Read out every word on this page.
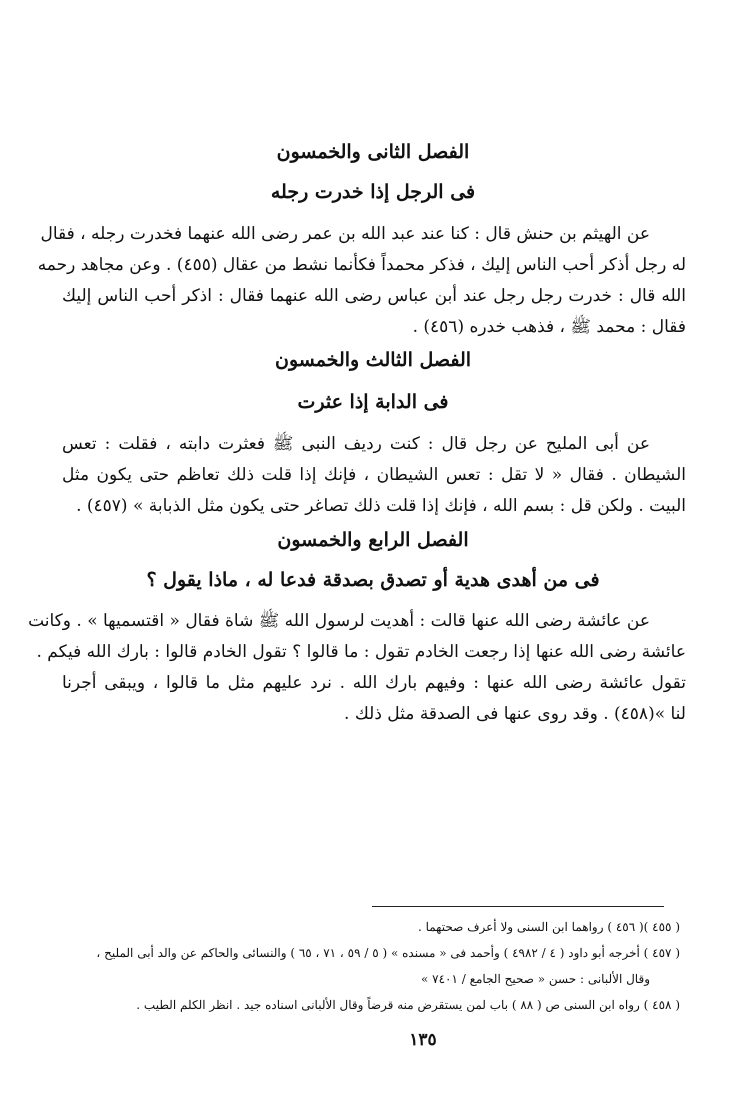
الفصل الثانى والخمسون
فى الرجل إذا خدرت رجله
عن الهيثم بن حنش قال : كنا عند عبد الله بن عمر رضى الله عنهما فخدرت رجله ، فقال
له رجل أذكر أحب الناس إليك ، فذكر محمداً فكأنما نشط من عقال (٤٥٥) . وعن مجاهد رحمه
الله قال : خدرت رجل رجل عند أبن عباس رضى الله عنهما فقال : اذكر أحب الناس إليك
فقال : محمد ﷺ ، فذهب خدره (٤٥٦) .
الفصل الثالث والخمسون
فى الدابة إذا عثرت
عن أبى المليح عن رجل قال : كنت رديف النبى ﷺ فعثرت دابته ، فقلت : تعس
الشيطان . فقال « لا تقل : تعس الشيطان ، فإنك إذا قلت ذلك تعاظم حتى يكون مثل
البيت . ولكن قل : بسم الله ، فإنك إذا قلت ذلك تصاغر حتى يكون مثل الذبابة » (٤٥٧) .
الفصل الرابع والخمسون
فى من أهدى هدية أو تصدق بصدقة فدعا له ، ماذا يقول ؟
عن عائشة رضى الله عنها قالت : أهديت لرسول الله ﷺ شاة فقال « اقتسميها » . وكانت
عائشة رضى الله عنها إذا رجعت الخادم تقول : ما قالوا ؟ تقول الخادم قالوا : بارك الله فيكم .
تقول عائشة رضى الله عنها : وفيهم بارك الله . نرد عليهم مثل ما قالوا ، ويبقى أجرنا
لنا »(٤٥٨) . وقد روى عنها فى الصدقة مثل ذلك .
( ٤٥٥ )( ٤٥٦ ) رواهما ابن السنى ولا أعرف صحتهما .
( ٤٥٧ ) أخرجه أبو داود ( ٤ / ٤٩٨٢ ) وأحمد فى « مسنده » ( ٥ / ٥٩ ، ٧١ ، ٦٥ ) والنسائى والحاكم عن والد أبى المليح ،
وقال الألبانى : حسن « صحيح الجامع / ٧٤٠١ »
( ٤٥٨ ) رواه ابن السنى ص ( ٨٨ ) باب لمن يستقرض منه قرضاً وقال الألبانى اسناده جيد . انظر الكلم الطيب .
١٣٥
